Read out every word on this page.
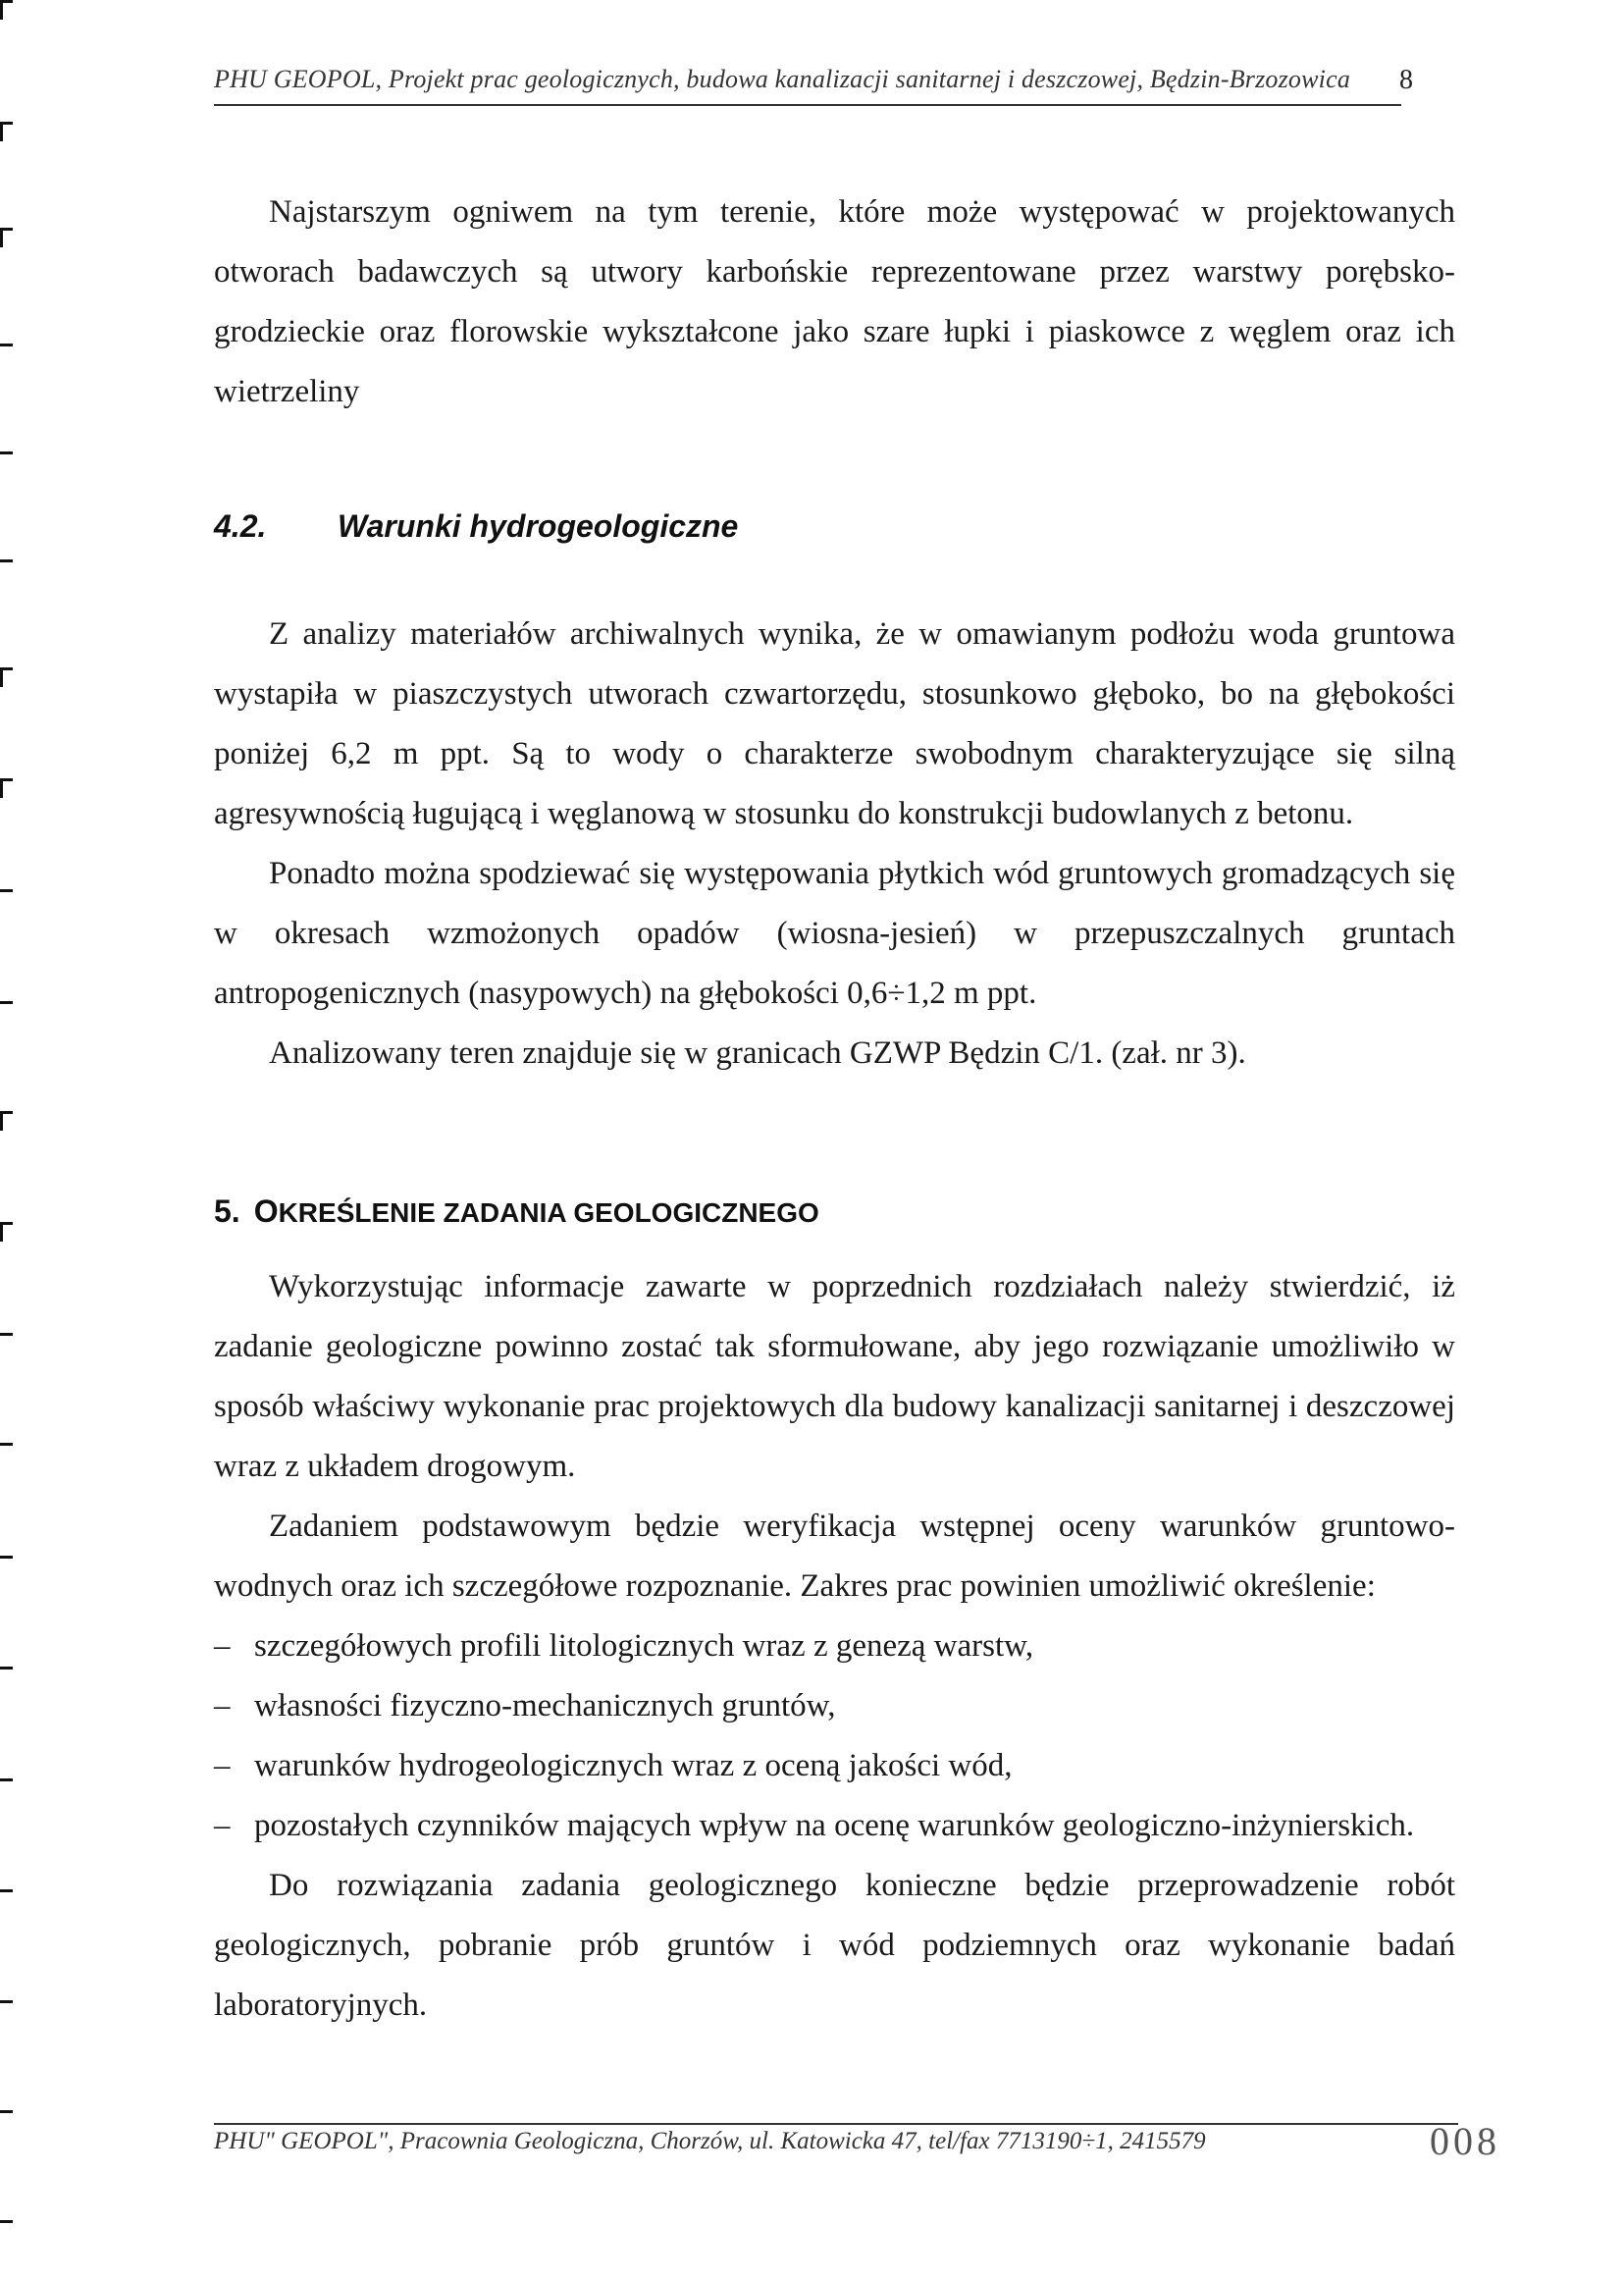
PHU GEOPOL, Projekt prac geologicznych, budowa kanalizacji sanitarnej i deszczowej, Będzin-Brzozowica 8

Najstarszym ogniwem na tym terenie, które może występować w projektowanych otworach badawczych są utwory karbońskie reprezentowane przez warstwy porębsko-grodzieckie oraz florowskie wykształcone jako szare łupki i piaskowce z węglem oraz ich wietrzeliny

4.2. Warunki hydrogeologiczne

Z analizy materiałów archiwalnych wynika, że w omawianym podłożu woda gruntowa wystapiła w piaszczystych utworach czwartorzędu, stosunkowo głęboko, bo na głębokości poniżej 6,2 m ppt. Są to wody o charakterze swobodnym charakteryzujące się silną agresywnością ługującą i węglanową w stosunku do konstrukcji budowlanych z betonu.

Ponadto można spodziewać się występowania płytkich wód gruntowych gromadzących się w okresach wzmożonych opadów (wiosna-jesień) w przepuszczalnych gruntach antropogenicznych (nasypowych) na głębokości 0,6÷1,2 m ppt.

Analizowany teren znajduje się w granicach GZWP Będzin C/1. (zał. nr 3).

5. OKREŚLENIE ZADANIA GEOLOGICZNEGO

Wykorzystując informacje zawarte w poprzednich rozdziałach należy stwierdzić, iż zadanie geologiczne powinno zostać tak sformułowane, aby jego rozwiązanie umożliwiło w sposób właściwy wykonanie prac projektowych dla budowy kanalizacji sanitarnej i deszczowej wraz z układem drogowym.

Zadaniem podstawowym będzie weryfikacja wstępnej oceny warunków gruntowo-wodnych oraz ich szczegółowe rozpoznanie. Zakres prac powinien umożliwić określenie:

– szczegółowych profili litologicznych wraz z genezą warstw,
– własności fizyczno-mechanicznych gruntów,
– warunków hydrogeologicznych wraz z oceną jakości wód,
– pozostałych czynników mających wpływ na ocenę warunków geologiczno-inżynierskich.

Do rozwiązania zadania geologicznego konieczne będzie przeprowadzenie robót geologicznych, pobranie prób gruntów i wód podziemnych oraz wykonanie badań laboratoryjnych.

PHU" GEOPOL", Pracownia Geologiczna, Chorzów, ul. Katowicka 47, tel/fax 7713190÷1, 2415579	008
